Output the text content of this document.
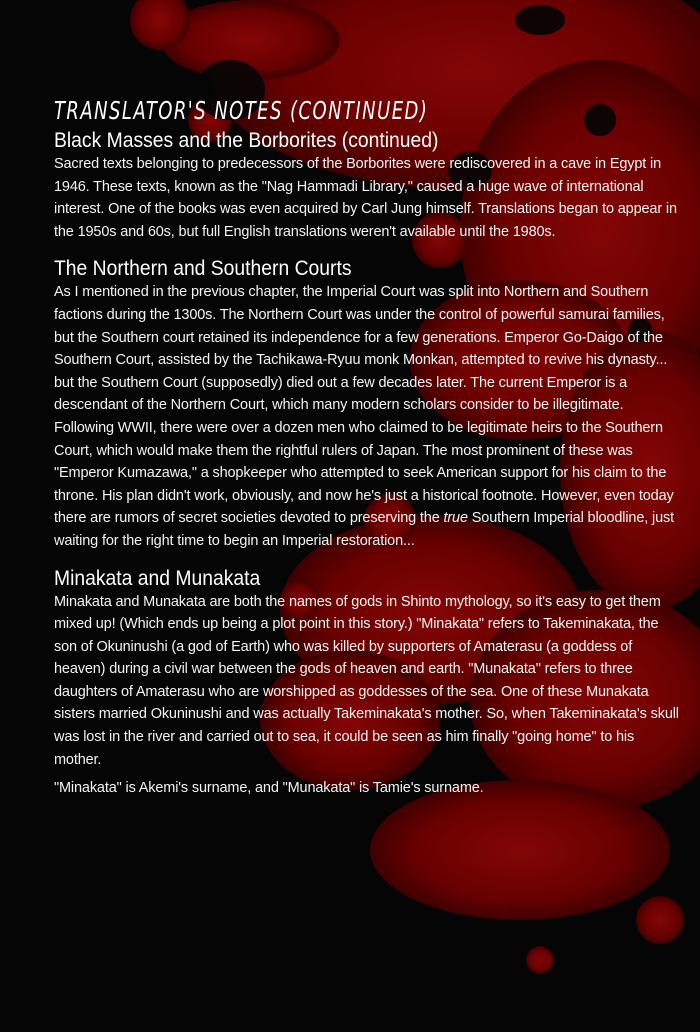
TRANSLATOR'S NOTES (CONTINUED)
Black Masses and the Borborites (continued)

Sacred texts belonging to predecessors of the Borborites were rediscovered in a cave in Egypt in 1946. These texts, known as the "Nag Hammadi Library," caused a huge wave of international interest. One of the books was even acquired by Carl Jung himself. Translations began to appear in the 1950s and 60s, but full English translations weren't available until the 1980s.

The Northern and Southern Courts

As I mentioned in the previous chapter, the Imperial Court was split into Northern and Southern factions during the 1300s. The Northern Court was under the control of powerful samurai families, but the Southern court retained its independence for a few generations. Emperor Go-Daigo of the Southern Court, assisted by the Tachikawa-Ryuu monk Monkan, attempted to revive his dynasty... but the Southern Court (supposedly) died out a few decades later. The current Emperor is a descendant of the Northern Court, which many modern scholars consider to be illegitimate. Following WWII, there were over a dozen men who claimed to be legitimate heirs to the Southern Court, which would make them the rightful rulers of Japan. The most prominent of these was "Emperor Kumazawa," a shopkeeper who attempted to seek American support for his claim to the throne. His plan didn't work, obviously, and now he's just a historical footnote. However, even today there are rumors of secret societies devoted to preserving the true Southern Imperial bloodline, just waiting for the right time to begin an Imperial restoration...

Minakata and Munakata

Minakata and Munakata are both the names of gods in Shinto mythology, so it's easy to get them mixed up! (Which ends up being a plot point in this story.) "Minakata" refers to Takeminakata, the son of Okuninushi (a god of Earth) who was killed by supporters of Amaterasu (a goddess of heaven) during a civil war between the gods of heaven and earth. "Munakata" refers to three daughters of Amaterasu who are worshipped as goddesses of the sea. One of these Munakata sisters married Okuninushi and was actually Takeminakata's mother. So, when Takeminakata's skull was lost in the river and carried out to sea, it could be seen as him finally "going home" to his mother.

"Minakata" is Akemi's surname, and "Munakata" is Tamie's surname.
